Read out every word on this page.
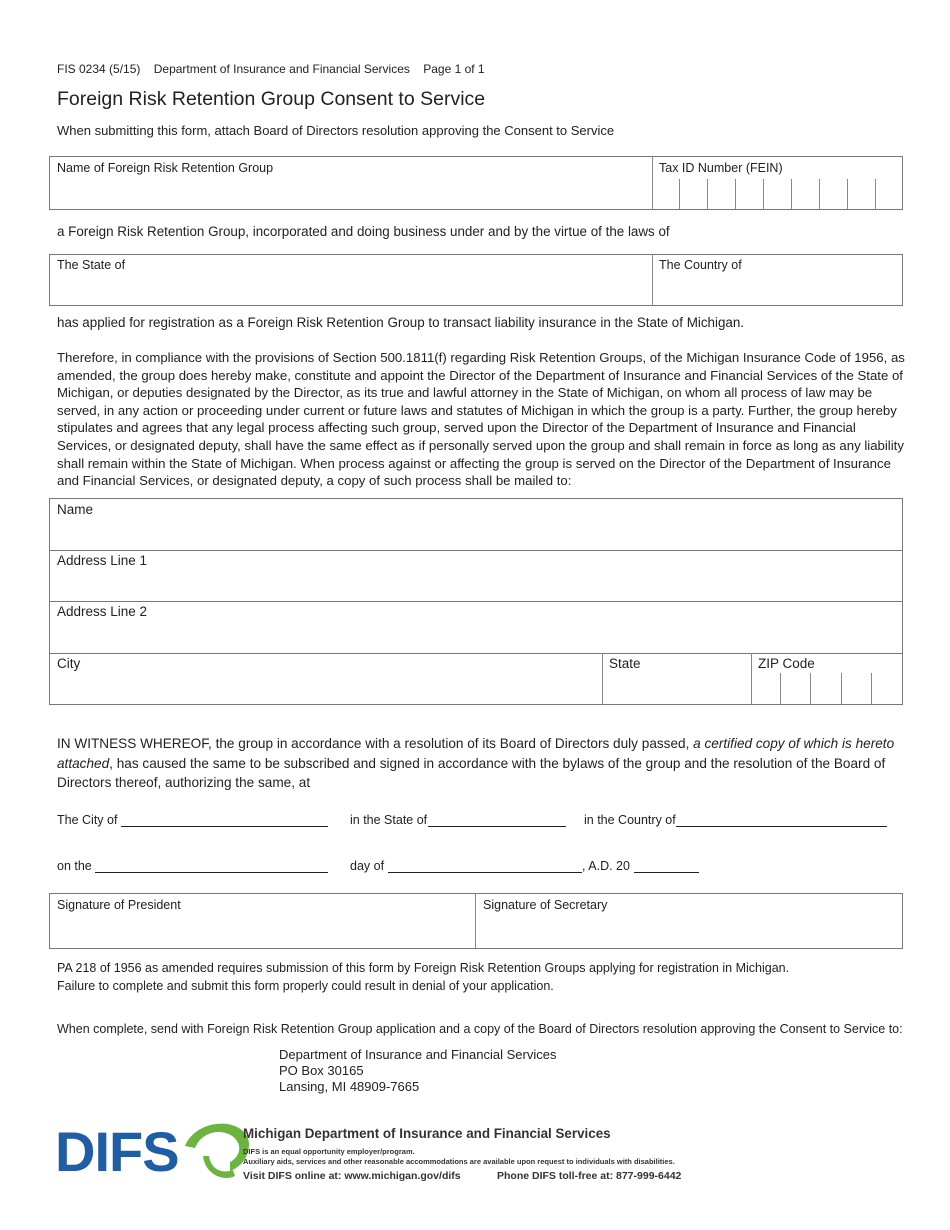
FIS 0234 (5/15) Department of Insurance and Financial Services Page 1 of 1
Foreign Risk Retention Group Consent to Service
When submitting this form, attach Board of Directors resolution approving the Consent to Service
Name of Foreign Risk Retention Group	Tax ID Number (FEIN)
a Foreign Risk Retention Group, incorporated and doing business under and by the virtue of the laws of
The State of	The Country of
has applied for registration as a Foreign Risk Retention Group to transact liability insurance in the State of Michigan.
Therefore, in compliance with the provisions of Section 500.1811(f) regarding Risk Retention Groups, of the Michigan Insurance Code of 1956, as amended, the group does hereby make, constitute and appoint the Director of the Department of Insurance and Financial Services of the State of Michigan, or deputies designated by the Director, as its true and lawful attorney in the State of Michigan, on whom all process of law may be served, in any action or proceeding under current or future laws and statutes of Michigan in which the group is a party. Further, the group hereby stipulates and agrees that any legal process affecting such group, served upon the Director of the Department of Insurance and Financial Services, or designated deputy, shall have the same effect as if personally served upon the group and shall remain in force as long as any liability shall remain within the State of Michigan. When process against or affecting the group is served on the Director of the Department of Insurance and Financial Services, or designated deputy, a copy of such process shall be mailed to:
Name
Address Line 1
Address Line 2
City	State	ZIP Code
IN WITNESS WHEREOF, the group in accordance with a resolution of its Board of Directors duly passed, a certified copy of which is hereto attached, has caused the same to be subscribed and signed in accordance with the bylaws of the group and the resolution of the Board of Directors thereof, authorizing the same, at
The City of	in the State of	in the Country of
on the	day of	, A.D. 20
Signature of President	Signature of Secretary
PA 218 of 1956 as amended requires submission of this form by Foreign Risk Retention Groups applying for registration in Michigan.
Failure to complete and submit this form properly could result in denial of your application.
When complete, send with Foreign Risk Retention Group application and a copy of the Board of Directors resolution approving the Consent to Service to:
Department of Insurance and Financial Services
PO Box 30165
Lansing, MI 48909-7665
DIFS	Michigan Department of Insurance and Financial Services
DIFS is an equal opportunity employer/program.
Auxiliary aids, services and other reasonable accommodations are available upon request to individuals with disabilities.
Visit DIFS online at: www.michigan.gov/difs	Phone DIFS toll-free at: 877-999-6442
